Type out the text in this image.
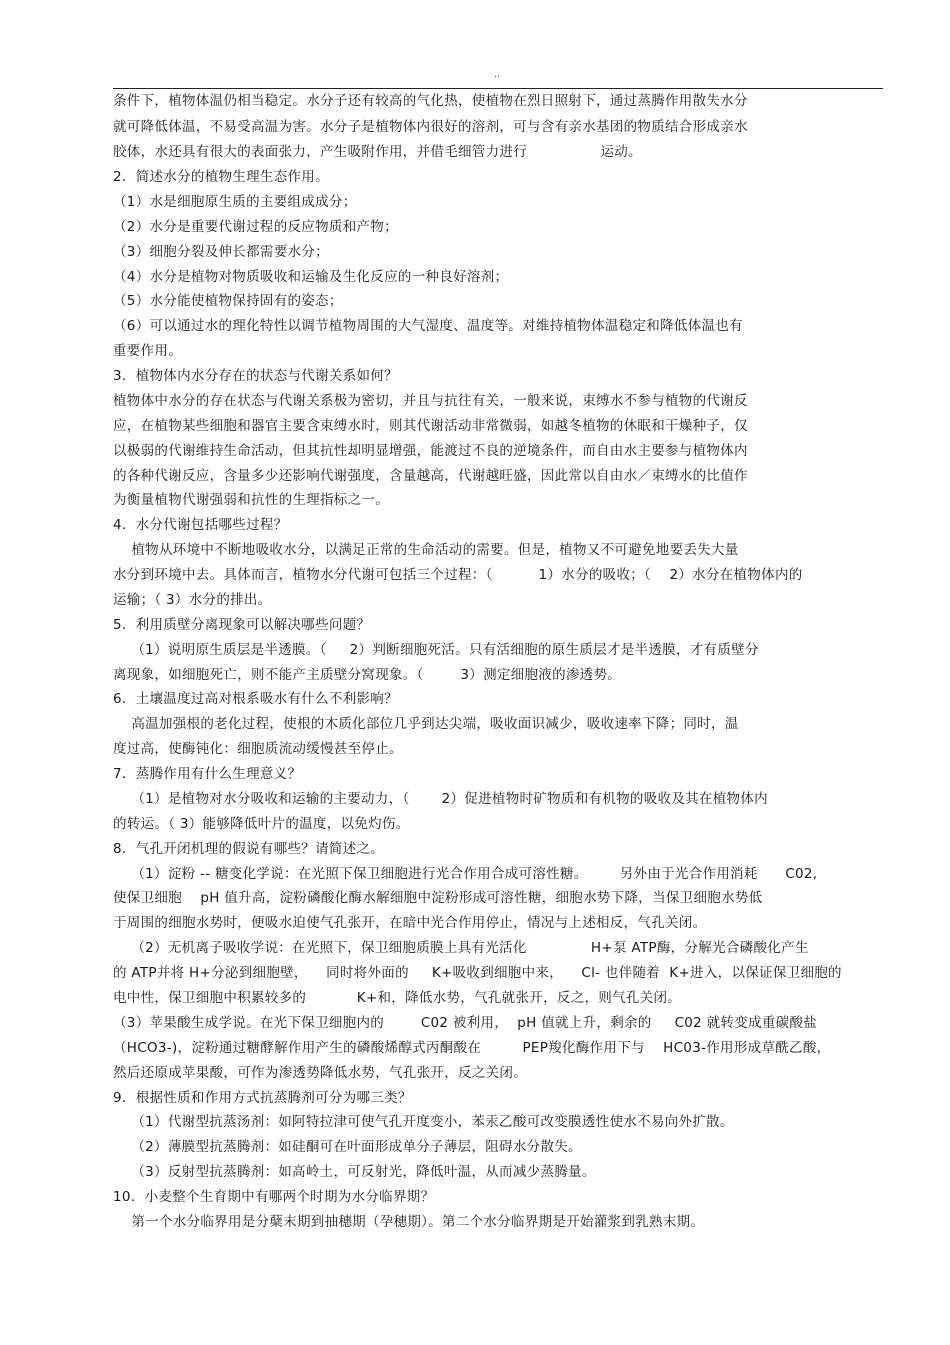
..
条件下，植物体温仍相当稳定。水分子还有较高的气化热，使植物在烈日照射下，通过蒸腾作用散失水分
就可降低体温，不易受高温为害。水分子是植物体内很好的溶剂，可与含有亲水基团的物质结合形成亲水
胶体，水还具有很大的表面张力，产生吸附作用，并借毛细管力进行                运动。
2．简述水分的植物生理生态作用。
（1）水是细胞原生质的主要组成成分；
（2）水分是重要代谢过程的反应物质和产物；
（3）细胞分裂及伸长都需要水分；
（4）水分是植物对物质吸收和运输及生化反应的一种良好溶剂；
（5）水分能使植物保持固有的姿态；
（6）可以通过水的理化特性以调节植物周围的大气湿度、温度等。对维持植物体温稳定和降低体温也有
重要作用。
3．植物体内水分存在的状态与代谢关系如何？
植物体中水分的存在状态与代谢关系极为密切，并且与抗往有关，一般来说，束缚水不参与植物的代谢反
应，在植物某些细胞和器官主要含束缚水时，则其代谢活动非常微弱，如越冬植物的休眠和干燥种子，仅
以极弱的代谢维持生命活动，但其抗性却明显增强，能渡过不良的逆境条件，而自由水主要参与植物体内
的各种代谢反应，含量多少还影响代谢强度，含量越高，代谢越旺盛，因此常以自由水／束缚水的比值作
为衡量植物代谢强弱和抗性的生理指标之一。
4．水分代谢包括哪些过程？
植物从环境中不断地吸收水分，以满足正常的生命活动的需要。但是，植物又不可避免地要丢失大量
水分到环境中去。具体而言，植物水分代谢可包括三个过程：（          1）水分的吸收；（    2）水分在植物体内的
运输；（ 3）水分的排出。
5．利用质壁分离现象可以解决哪些问题？
（1）说明原生质层是半透膜。（     2）判断细胞死活。只有活细胞的原生质层才是半透膜，才有质壁分
离现象，如细胞死亡，则不能产主质壁分窝现象。（        3）测定细胞液的渗透势。
6．土壤温度过高对根系吸水有什么不利影响？
高温加强根的老化过程，使根的木质化部位几乎到达尖端，吸收面识减少，吸收速率下降；同时，温
度过高，使酶钝化：细胞质流动缓慢甚至停止。
7．蒸腾作用有什么生理意义？
（1）是植物对水分吸收和运输的主要动力，（       2）促进植物时矿物质和有机物的吸收及其在植物体内
的转运。（ 3）能够降低叶片的温度，以免灼伤。
8．气孔开闭机理的假说有哪些？请简述之。
（1）淀粉 -- 糖变化学说：在光照下保卫细胞进行光合作用合成可溶性糖。       另外由于光合作用消耗      C02,
使保卫细胞    pH 值升高，淀粉磷酸化酶水解细胞中淀粉形成可溶性糖，细胞水势下降，当保卫细胞水势低
于周围的细胞水势时，便吸水迫使气孔张开，在暗中光合作用停止，情况与上述相反，气孔关闭。
（2）无机离子吸收学说：在光照下，保卫细胞质膜上具有光活化              H+泵 ATP酶，分解光合磷酸化产生
的 ATP并将 H+分泌到细胞壁，    同时将外面的     K+吸收到细胞中来，    Cl- 也伴随着  K+进入，以保证保卫细胞的
电中性，保卫细胞中积累较多的           K+和，降低水势，气孔就张开，反之，则气孔关闭。
（3）苹果酸生成学说。在光下保卫细胞内的        C02 被利用，  pH 值就上升，剩余的     C02 就转变成重碳酸盐
（HCO3-)，淀粉通过糖酵解作用产生的磷酸烯醇式丙酮酸在         PEP羧化酶作用下与    HC03-作用形成草酰乙酸，
然后还原成苹果酸，可作为渗透势降低水势，气孔张开，反之关闭。
9．根据性质和作用方式抗蒸腾剂可分为哪三类？
（1）代谢型抗蒸汤剂：如阿特拉津可使气孔开度变小，苯汞乙酸可改变膜透性使水不易向外扩散。
（2）薄膜型抗蒸腾剂：如硅酮可在叶面形成单分子薄层，阻碍水分散失。
（3）反射型抗蒸腾剂：如高岭土，可反射光，降低叶温，从而减少蒸腾量。
10．小麦整个生育期中有哪两个时期为水分临界期？
第一个水分临界用是分蘖末期到抽穗期（孕穗期）。第二个水分临界期是开始灌浆到乳熟末期。
